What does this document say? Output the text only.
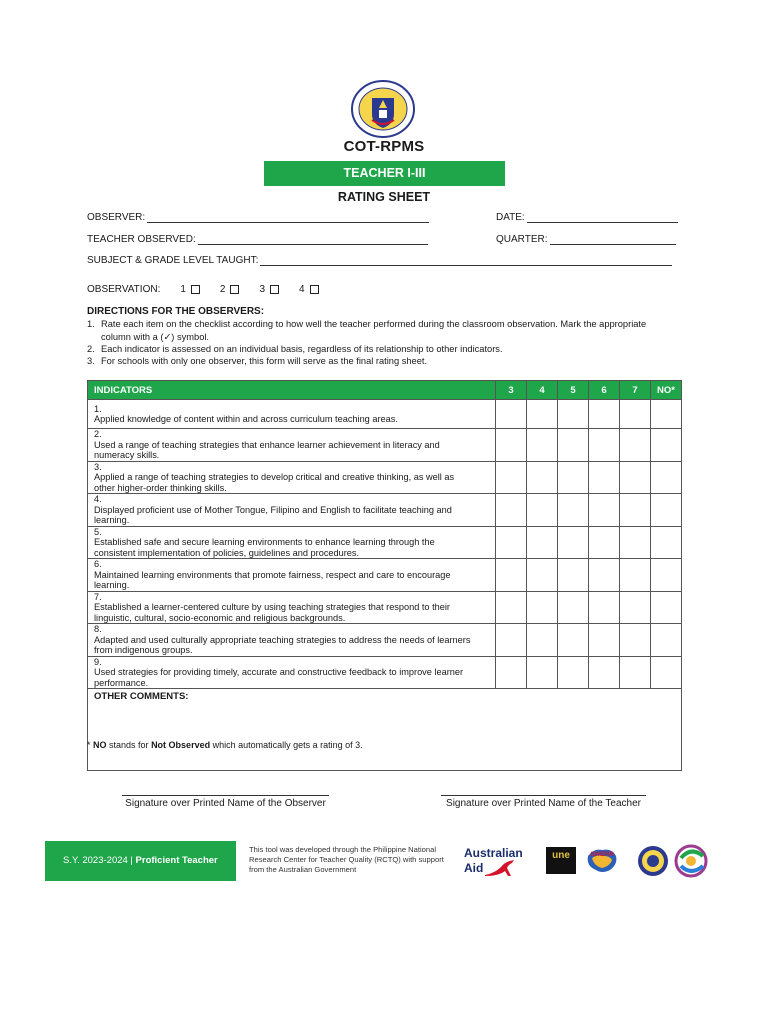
COT-RPMS
TEACHER I-III
RATING SHEET
OBSERVER:	DATE:
TEACHER OBSERVED:	QUARTER:
SUBJECT & GRADE LEVEL TAUGHT:
OBSERVATION: 1	2	3	4
DIRECTIONS FOR THE OBSERVERS:
1. Rate each item on the checklist according to how well the teacher performed during the classroom observation. Mark the appropriate column with a (✓) symbol.
2. Each indicator is assessed on an individual basis, regardless of its relationship to other indicators.
3. For schools with only one observer, this form will serve as the final rating sheet.
INDICATORS	3	4	5	6	7	NO*
1.Applied knowledge of content within and across curriculum teaching areas.						
2.Used a range of teaching strategies that enhance learner achievement in literacy and numeracy skills.						
3.Applied a range of teaching strategies to develop critical and creative thinking, as well as other higher-order thinking skills.						
4.Displayed proficient use of Mother Tongue, Filipino and English to facilitate teaching and learning.						
5.Established safe and secure learning environments to enhance learning through the consistent implementation of policies, guidelines and procedures.						
6.Maintained learning environments that promote fairness, respect and care to encourage learning.						
7.Established a learner-centered culture by using teaching strategies that respond to their linguistic, cultural, socio-economic and religious backgrounds.						
8.Adapted and used culturally appropriate teaching strategies to address the needs of learners from indigenous groups.						
9.Used strategies for providing timely, accurate and constructive feedback to improve learner performance.						
OTHER COMMENTS:						
* NO stands for Not Observed which automatically gets a rating of 3.
Signature over Printed Name of the Observer	Signature over Printed Name of the Teacher
S.Y. 2023-2024 | Proficient Teacher
This tool was developed through the Philippine National Research Center for Teacher Quality (RCTQ) with support from the Australian Government
Australian
Aid
une	SiMERR
